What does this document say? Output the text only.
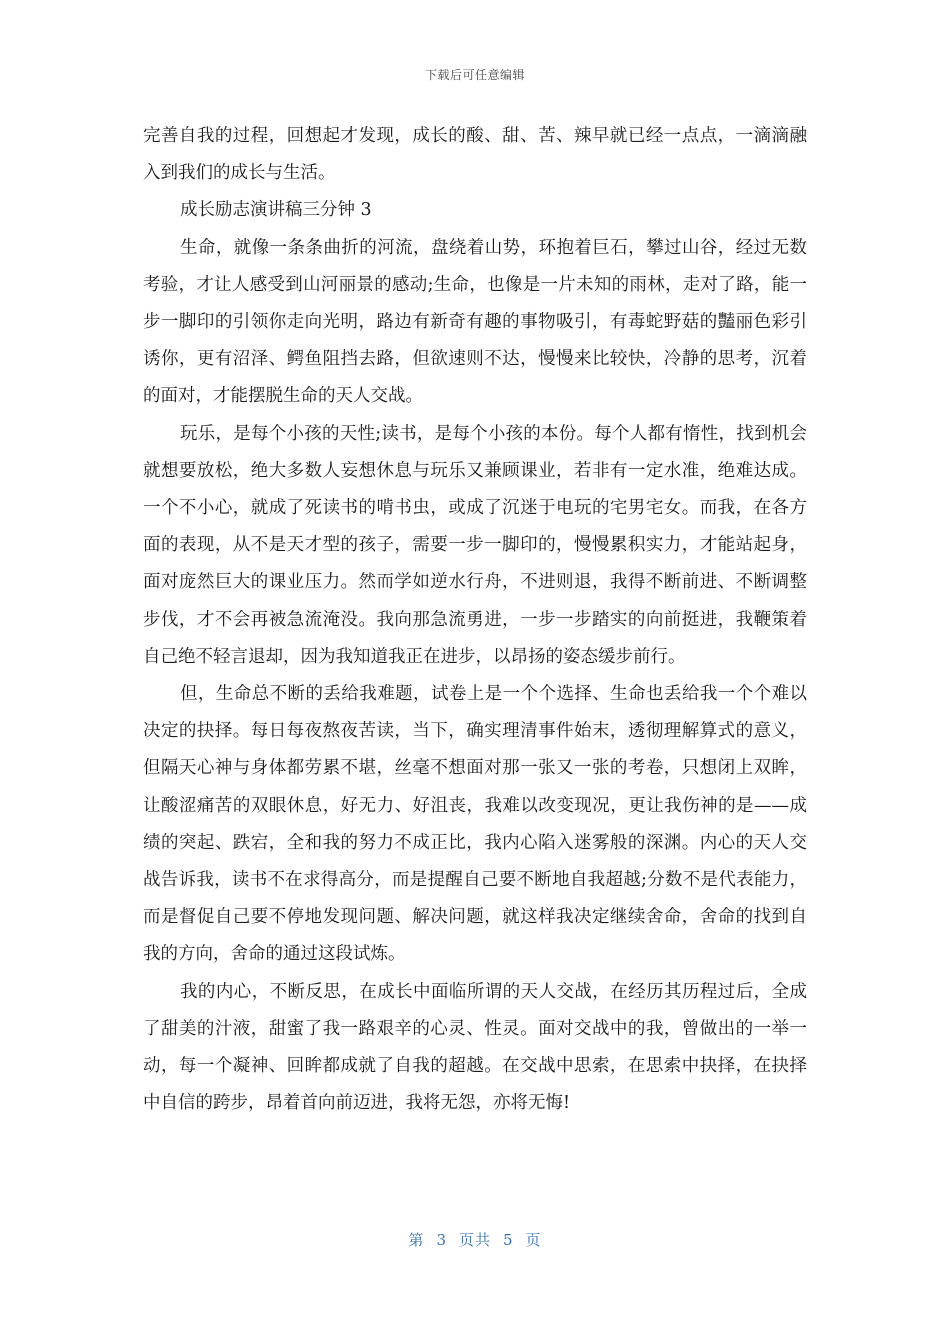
下载后可任意编辑

完善自我的过程，回想起才发现，成长的酸、甜、苦、辣早就已经一点点，一滴滴融入到我们的成长与生活。

成长励志演讲稿三分钟 3

生命，就像一条条曲折的河流，盘绕着山势，环抱着巨石，攀过山谷，经过无数考验，才让人感受到山河丽景的感动;生命，也像是一片未知的雨林，走对了路，能一步一脚印的引领你走向光明，路边有新奇有趣的事物吸引，有毒蛇野菇的豔丽色彩引诱你，更有沼泽、鳄鱼阻挡去路，但欲速则不达，慢慢来比较快，冷静的思考，沉着的面对，才能摆脱生命的天人交战。

玩乐，是每个小孩的天性;读书，是每个小孩的本份。每个人都有惰性，找到机会就想要放松，绝大多数人妄想休息与玩乐又兼顾课业，若非有一定水准，绝难达成。一个不小心，就成了死读书的啃书虫，或成了沉迷于电玩的宅男宅女。而我，在各方面的表现，从不是天才型的孩子，需要一步一脚印的，慢慢累积实力，才能站起身，面对庞然巨大的课业压力。然而学如逆水行舟，不进则退，我得不断前进、不断调整步伐，才不会再被急流淹没。我向那急流勇进，一步一步踏实的向前挺进，我鞭策着自己绝不轻言退却，因为我知道我正在进步，以昂扬的姿态缓步前行。

但，生命总不断的丢给我难题，试卷上是一个个选择、生命也丢给我一个个难以决定的抉择。每日每夜熬夜苦读，当下，确实理清事件始末，透彻理解算式的意义，但隔天心神与身体都劳累不堪，丝毫不想面对那一张又一张的考卷，只想闭上双眸，让酸涩痛苦的双眼休息，好无力、好沮丧，我难以改变现况，更让我伤神的是——成绩的突起、跌宕，全和我的努力不成正比，我内心陷入迷雾般的深渊。内心的天人交战告诉我，读书不在求得高分，而是提醒自己要不断地自我超越;分数不是代表能力，而是督促自己要不停地发现问题、解决问题，就这样我决定继续舍命，舍命的找到自我的方向，舍命的通过这段试炼。

我的内心，不断反思，在成长中面临所谓的天人交战，在经历其历程过后，全成了甜美的汁液，甜蜜了我一路艰辛的心灵、性灵。面对交战中的我，曾做出的一举一动，每一个凝神、回眸都成就了自我的超越。在交战中思索，在思索中抉择，在抉择中自信的跨步，昂着首向前迈进，我将无怨，亦将无悔!

第 3 页共 5 页
